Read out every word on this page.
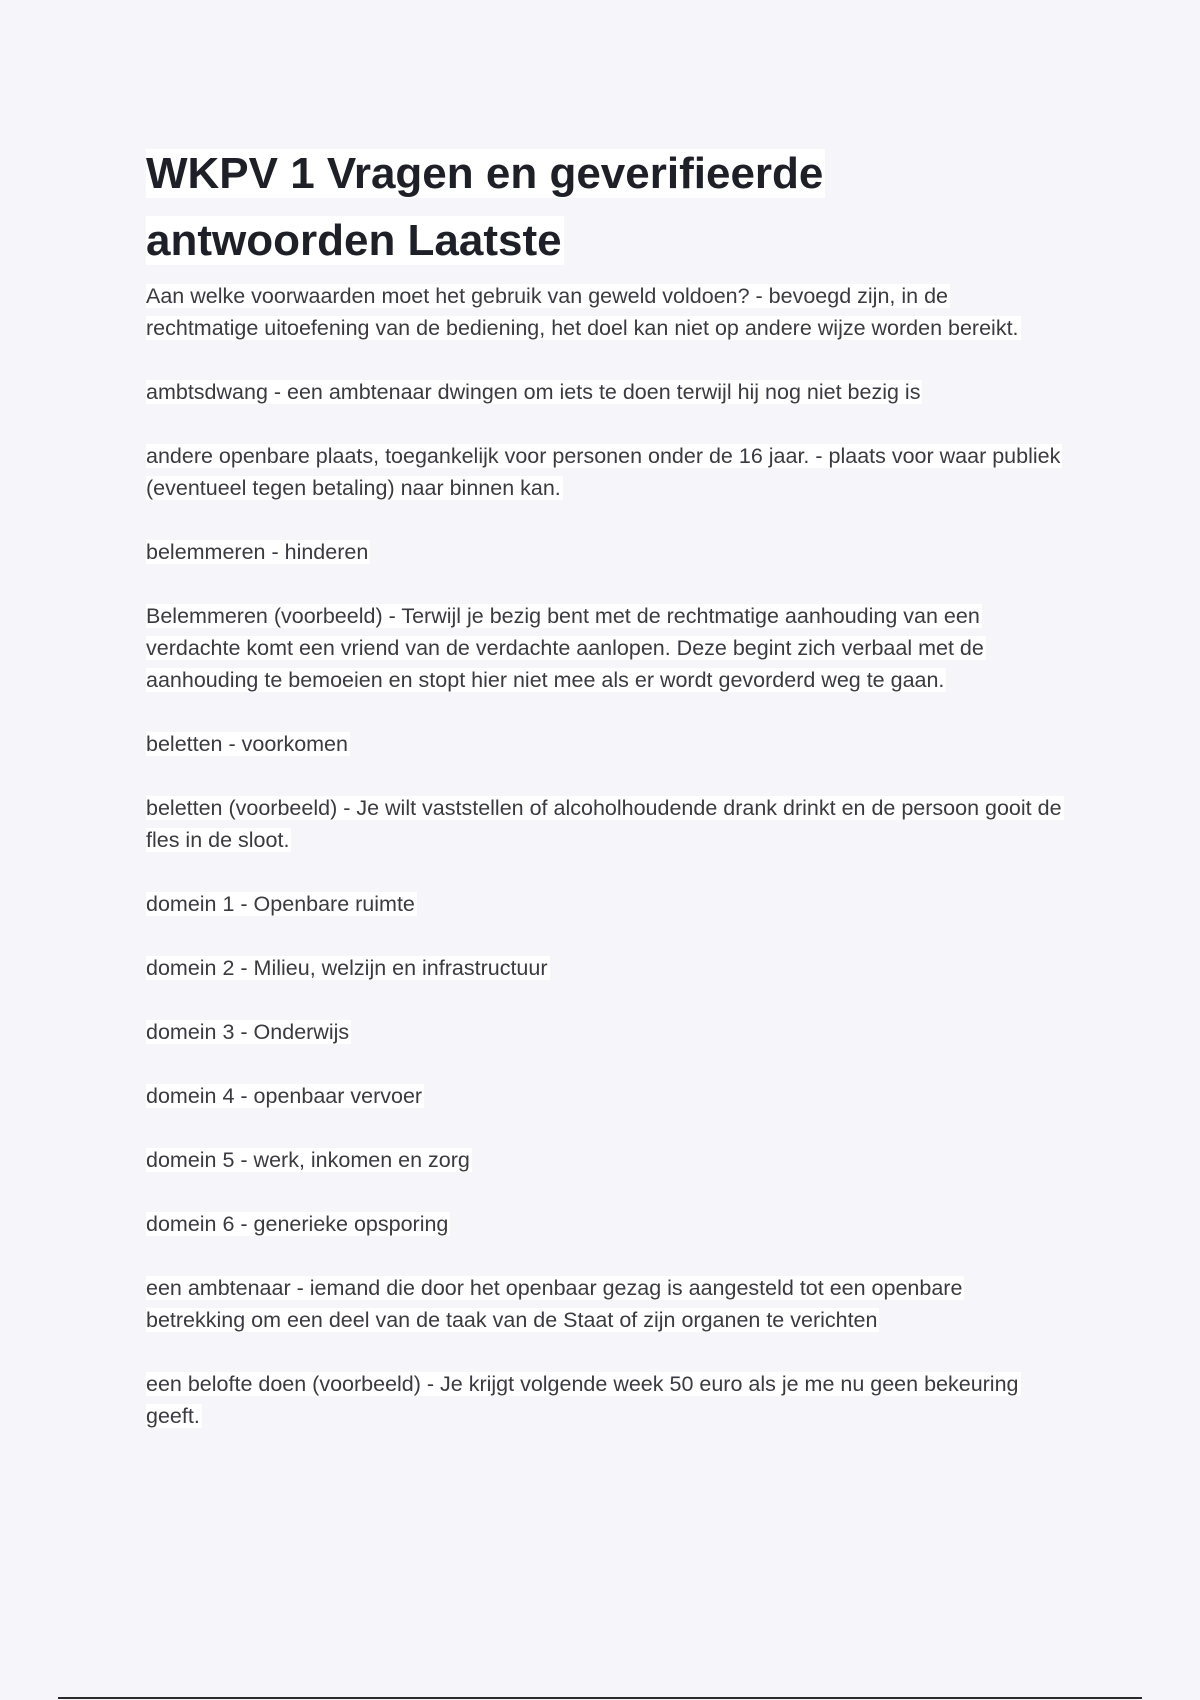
WKPV 1 Vragen en geverifieerde antwoorden Laatste

Aan welke voorwaarden moet het gebruik van geweld voldoen? - bevoegd zijn, in de rechtmatige uitoefening van de bediening, het doel kan niet op andere wijze worden bereikt.

ambtsdwang - een ambtenaar dwingen om iets te doen terwijl hij nog niet bezig is

andere openbare plaats, toegankelijk voor personen onder de 16 jaar. - plaats voor waar publiek (eventueel tegen betaling) naar binnen kan.

belemmeren - hinderen

Belemmeren (voorbeeld) - Terwijl je bezig bent met de rechtmatige aanhouding van een verdachte komt een vriend van de verdachte aanlopen. Deze begint zich verbaal met de aanhouding te bemoeien en stopt hier niet mee als er wordt gevorderd weg te gaan.

beletten - voorkomen

beletten (voorbeeld) - Je wilt vaststellen of alcoholhoudende drank drinkt en de persoon gooit de fles in de sloot.

domein 1 - Openbare ruimte

domein 2 - Milieu, welzijn en infrastructuur

domein 3 - Onderwijs

domein 4 - openbaar vervoer

domein 5 - werk, inkomen en zorg

domein 6 - generieke opsporing

een ambtenaar - iemand die door het openbaar gezag is aangesteld tot een openbare betrekking om een deel van de taak van de Staat of zijn organen te verichten

een belofte doen (voorbeeld) - Je krijgt volgende week 50 euro als je me nu geen bekeuring geeft.
